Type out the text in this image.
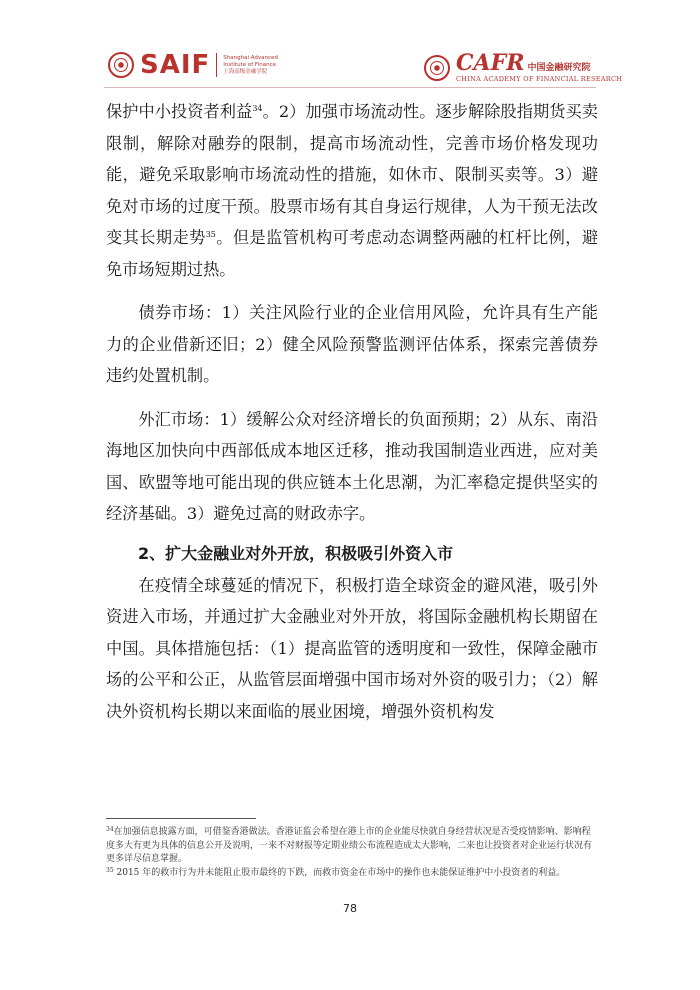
SAIF Shanghai Advanced
Institute of Finance
上海高级金融学院	CAFR 中国金融研究院
CHINA ACADEMY OF FINANCIAL RESEARCH

保护中小投资者利益$^{34}$。2）加强市场流动性。逐步解除股指期货买卖限制，解除对融券的限制，提高市场流动性，完善市场价格发现功能，避免采取影响市场流动性的措施，如休市、限制买卖等。3）避免对市场的过度干预。股票市场有其自身运行规律，人为干预无法改变其长期走势$^{35}$。但是监管机构可考虑动态调整两融的杠杆比例，避免市场短期过热。

债券市场：1）关注风险行业的企业信用风险，允许具有生产能力的企业借新还旧；2）健全风险预警监测评估体系，探索完善债券违约处置机制。

外汇市场：1）缓解公众对经济增长的负面预期；2）从东、南沿海地区加快向中西部低成本地区迁移，推动我国制造业西进，应对美国、欧盟等地可能出现的供应链本土化思潮，为汇率稳定提供坚实的经济基础。3）避免过高的财政赤字。

2、扩大金融业对外开放，积极吸引外资入市

在疫情全球蔓延的情况下，积极打造全球资金的避风港，吸引外资进入市场，并通过扩大金融业对外开放，将国际金融机构长期留在中国。具体措施包括：（1）提高监管的透明度和一致性，保障金融市场的公平和公正，从监管层面增强中国市场对外资的吸引力；（2）解决外资机构长期以来面临的展业困境，增强外资机构发

$^{34}$在加强信息披露方面，可借鉴香港做法。香港证监会希望在港上市的企业能尽快就自身经营状况是否受疫情影响、影响程度多大有更为具体的信息公开及说明，一来不对财报等定期业绩公布流程造成太大影响，二来也让投资者对企业运行状况有更多详尽信息掌握。

$^{35}$ 2015 年的救市行为并未能阻止股市最终的下跌，而救市资金在市场中的操作也未能保证维护中小投资者的利益。

78
